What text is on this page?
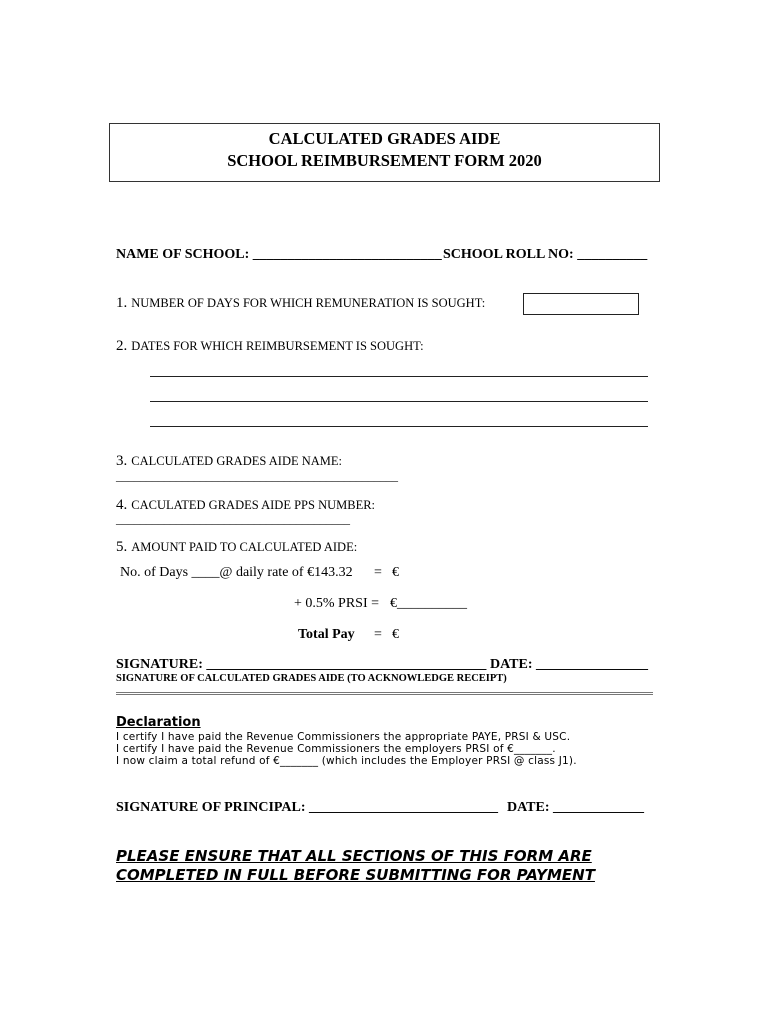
CALCULATED GRADES AIDE
SCHOOL REIMBURSEMENT FORM 2020
NAME OF SCHOOL: ___________________________ SCHOOL ROLL NO: __________
1. NUMBER OF DAYS FOR WHICH REMUNERATION IS SOUGHT:
2. DATES FOR WHICH REIMBURSEMENT IS SOUGHT:
3. CALCULATED GRADES AIDE NAME:
_______________________________________________
4. CACULATED GRADES AIDE PPS NUMBER:
_______________________________________
5. AMOUNT PAID TO CALCULATED AIDE:
No. of Days ____@ daily rate of €143.32 = €
+ 0.5% PRSI = €__________
Total Pay = €
SIGNATURE: ________________________________________ DATE: ________________
SIGNATURE OF CALCULATED GRADES AIDE (TO ACKNOWLEDGE RECEIPT)
Declaration
I certify I have paid the Revenue Commissioners the appropriate PAYE, PRSI & USC.
I certify I have paid the Revenue Commissioners the employers PRSI of €_______.
I now claim a total refund of €_______ (which includes the Employer PRSI @ class J1).
SIGNATURE OF PRINCIPAL: ___________________________ DATE: _____________
PLEASE ENSURE THAT ALL SECTIONS OF THIS FORM ARE
COMPLETED IN FULL BEFORE SUBMITTING FOR PAYMENT
